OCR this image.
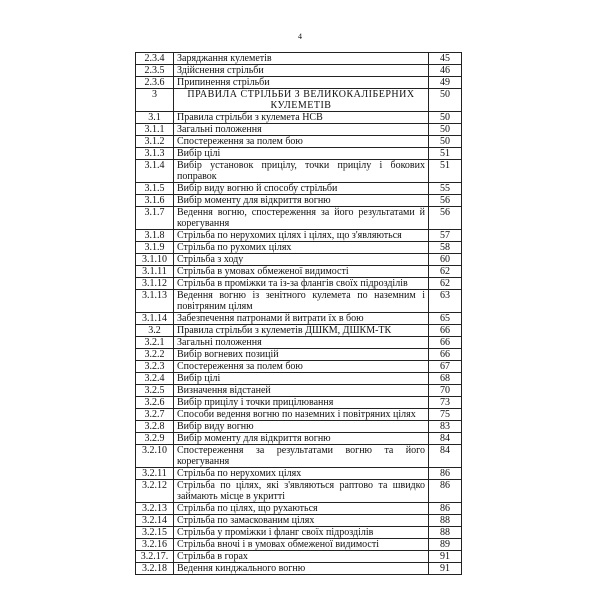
4
2.3.4	Заряджання кулеметів	45
2.3.5	Здійснення стрільби	46
2.3.6	Припинення стрільби	49
3	ПРАВИЛА СТРІЛЬБИ З ВЕЛИКОКАЛІБЕРНИХ КУЛЕМЕТІВ	50
3.1	Правила стрільби з кулемета НСВ	50
3.1.1	Загальні положення	50
3.1.2	Спостереження за полем бою	50
3.1.3	Вибір цілі	51
3.1.4	Вибір установок прицілу, точки прицілу і бокових поправок	51
3.1.5	Вибір виду вогню й способу стрільби	55
3.1.6	Вибір моменту для відкриття вогню	56
3.1.7	Ведення вогню, спостереження за його результатами й корегування	56
3.1.8	Стрільба по нерухомих цілях і цілях, що з'являються	57
3.1.9	Стрільба по рухомих цілях	58
3.1.10	Стрільба з ходу	60
3.1.11	Стрільба в умовах обмеженої видимості	62
3.1.12	Стрільба в проміжки та із-за флангів своїх підрозділів	62
3.1.13	Ведення вогню із зенітного кулемета по наземним і повітряним цілям	63
3.1.14	Забезпечення патронами й витрати їх в бою	65
3.2	Правила стрільби з кулеметів ДШКМ, ДШКМ-ТК	66
3.2.1	Загальні положення	66
3.2.2	Вибір вогневих позицій	66
3.2.3	Спостереження за полем бою	67
3.2.4	Вибір цілі	68
3.2.5	Визначення відстаней	70
3.2.6	Вибір прицілу і точки прицілювання	73
3.2.7	Способи ведення вогню по наземних і повітряних цілях	75
3.2.8	Вибір виду вогню	83
3.2.9	Вибір моменту для відкриття вогню	84
3.2.10	Спостереження за результатами вогню та його корегування	84
3.2.11	Стрільба по нерухомих цілях	86
3.2.12	Стрільба по цілях, які з'являються раптово та швидко займають місце в укритті	86
3.2.13	Стрільба по цілях, що рухаються	86
3.2.14	Стрільба по замаскованим цілях	88
3.2.15	Стрільба у проміжки і фланг своїх підрозділів	88
3.2.16	Стрільба вночі і в умовах обмеженої видимості	89
3.2.17.	Стрільба в горах	91
3.2.18	Ведення кинджального вогню	91
